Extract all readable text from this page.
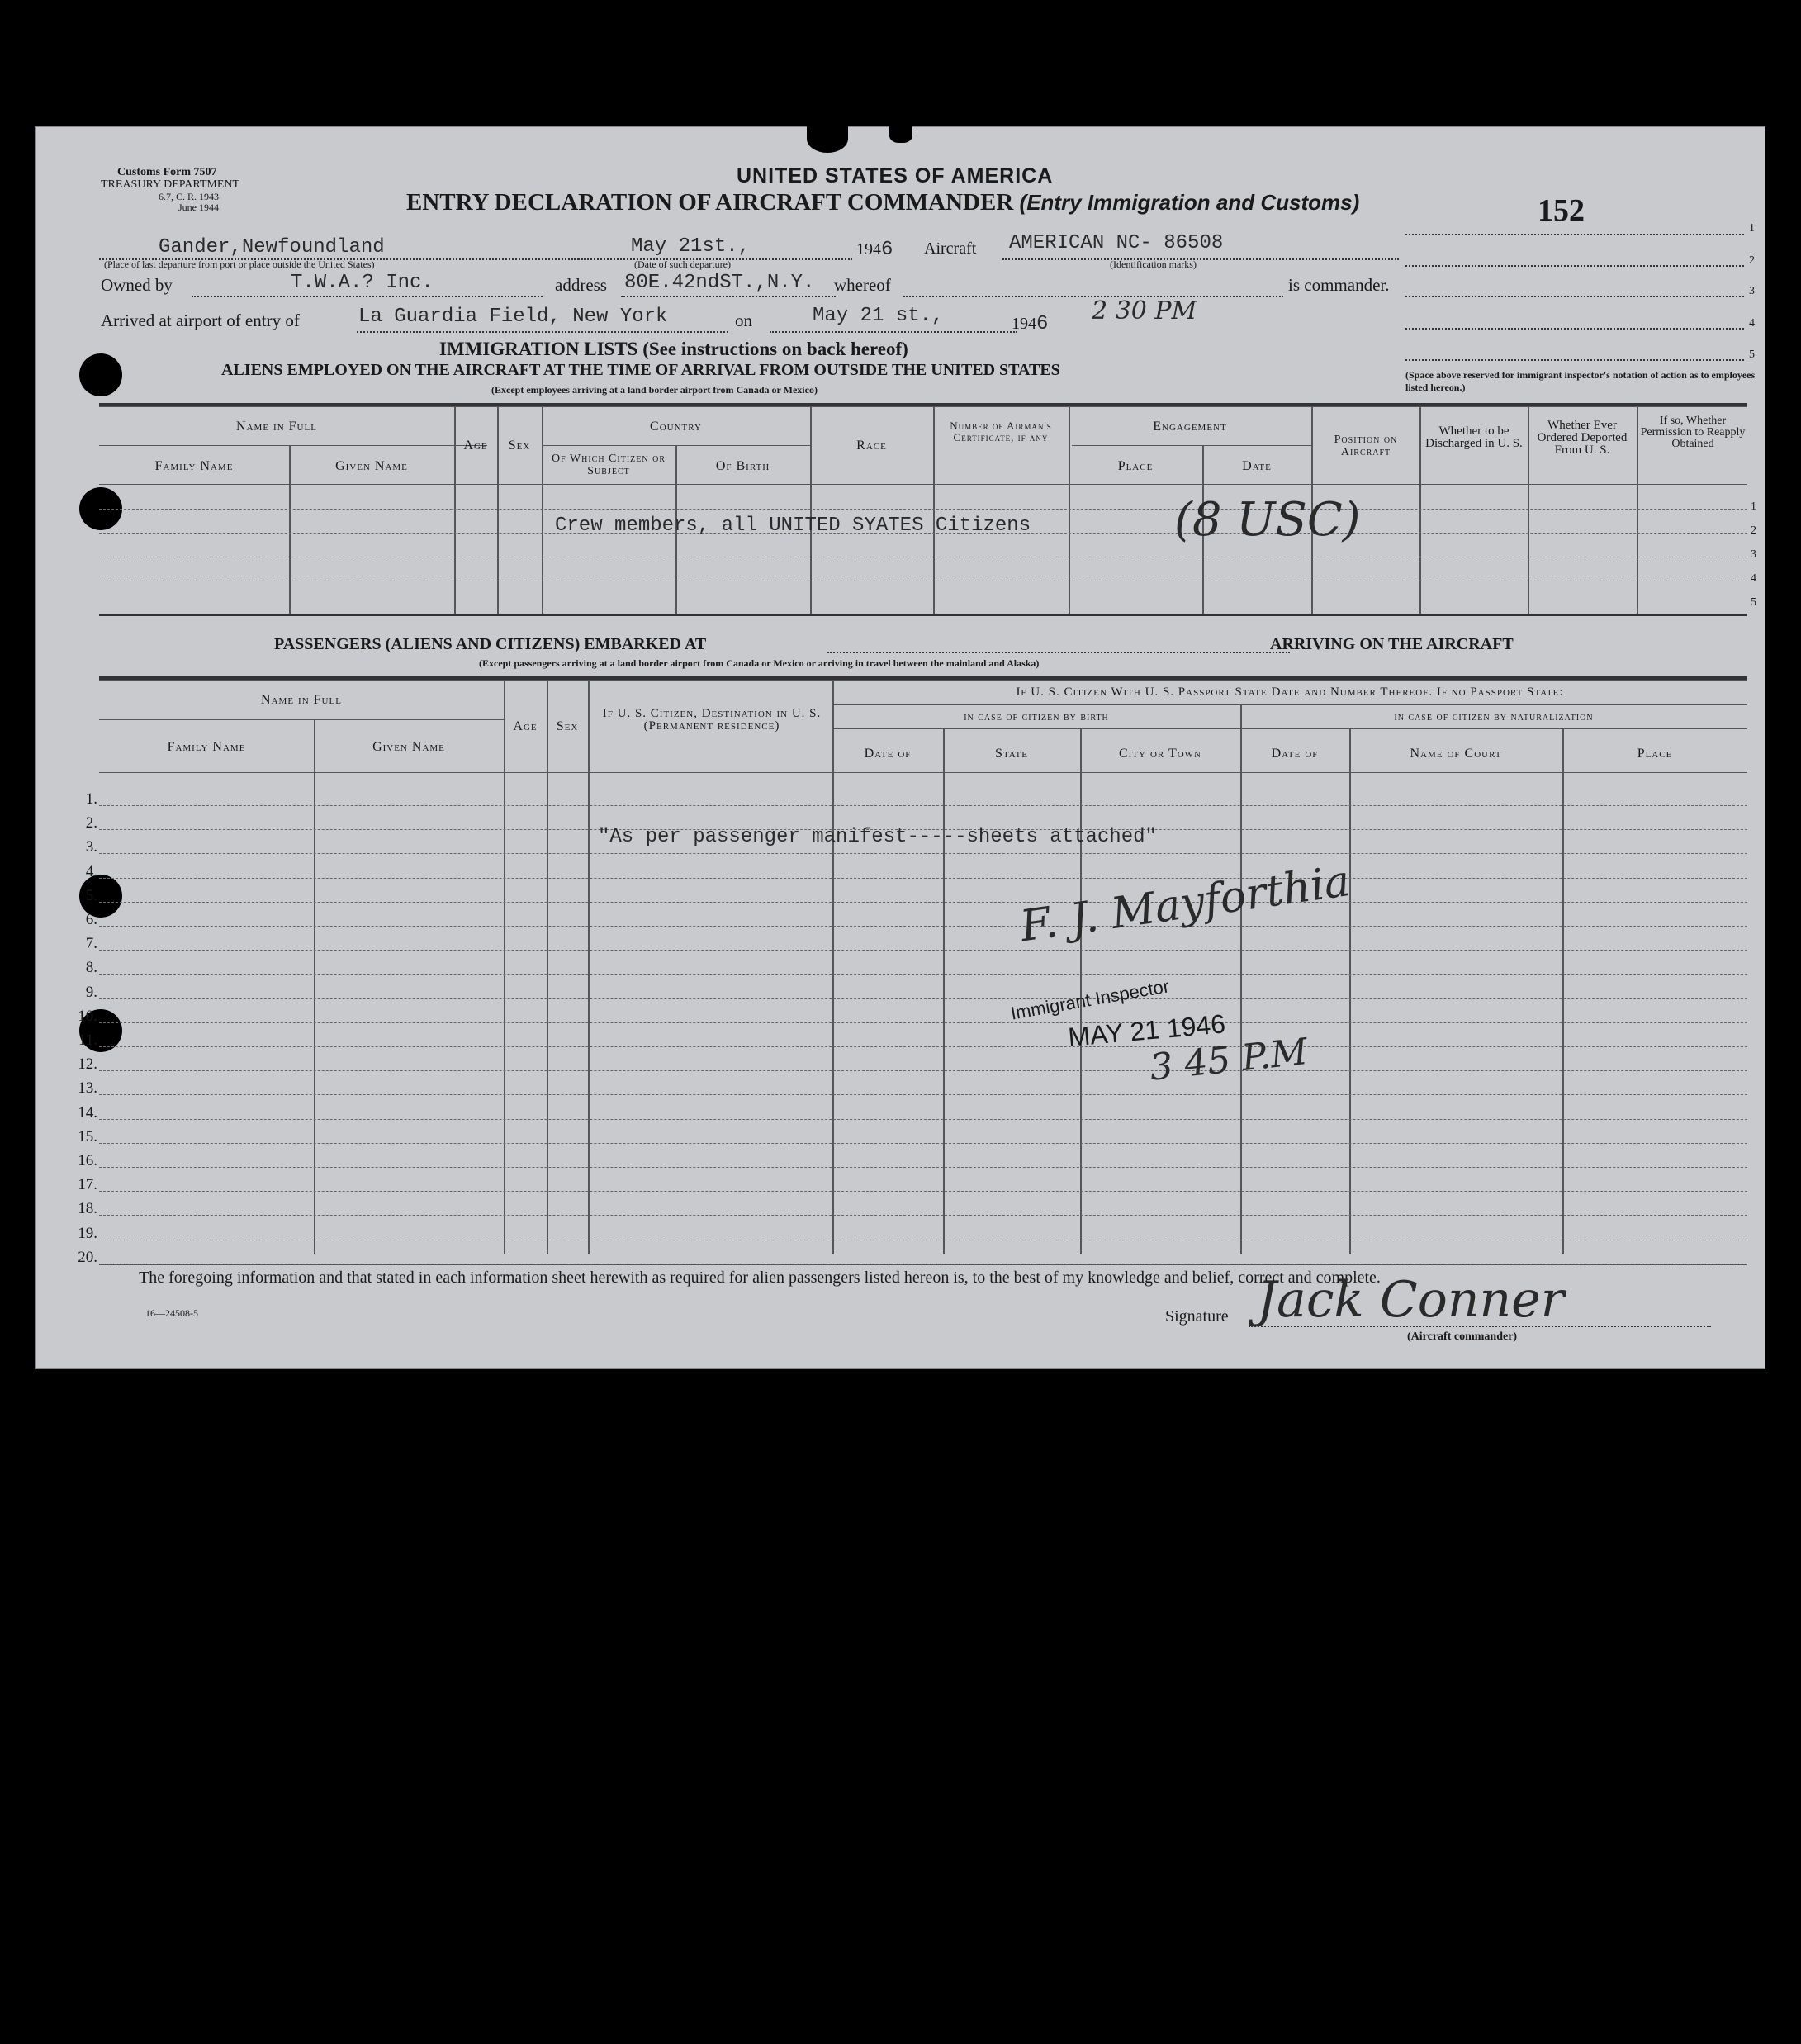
Customs Form 7507
TREASURY DEPARTMENT
6.7, C. R. 1943
June 1944
UNITED STATES OF AMERICA
ENTRY DECLARATION OF AIRCRAFT COMMANDER (Entry Immigration and Customs)	152
Gander,Newfoundland
(Place of last departure from port or place outside the United States)
May 21st.,
(Date of such departure)
1946 Aircraft AMERICAN NC- 86508
(Identification marks)
Owned by	T.W.A.? Inc.	address 80E.42ndST.,N.Y. whereof	is commander.
Arrived at airport of entry of	La Guardia Field, New York	on	May 21 st.,	1946 2 30 PM
1
2
3
4
5
(Space above reserved for immigrant inspector's notation of action as to employees listed hereon.)
IMMIGRATION LISTS (See instructions on back hereof)
ALIENS EMPLOYED ON THE AIRCRAFT AT THE TIME OF ARRIVAL FROM OUTSIDE THE UNITED STATES
(Except employees arriving at a land border airport from Canada or Mexico)
Name in Full
Family Name	Given Name
Age	Sex
Country
Of Which Citizen or Subject	Of Birth
Race
Number of Airman's Certificate, if any
Engagement
Place	Date
Position on Aircraft
Whether to be Discharged in U. S.
Whether Ever Ordered Deported From U. S.
If so, Whether Permission to Reapply Obtained
1
2
3
4
5
Crew members, all UNITED SYATES Citizens	(8 USC)
PASSENGERS (ALIENS AND CITIZENS) EMBARKED AT	ARRIVING ON THE AIRCRAFT
(Except passengers arriving at a land border airport from Canada or Mexico or arriving in travel between the mainland and Alaska)
Name in Full
Family Name	Given Name
Age	Sex
If U. S. Citizen, Destination in U. S. (Permanent residence)
If U. S. Citizen With U. S. Passport State Date and Number Thereof. If no Passport State:
in case of citizen by birth	in case of citizen by naturalization
Date of	State	City or Town	Date of	Name of Court	Place
1.
2.
3.
4.
5.
6.
7.
8.
9.
10.
11.
12.
13.
14.
15.
16.
17.
18.
19.
20.
"As per passenger manifest-----sheets attached"
F. J. Mayforthia
Immigrant Inspector
MAY 21 1946
3 45 P.M
The foregoing information and that stated in each information sheet herewith as required for alien passengers listed hereon is, to the best of my knowledge and belief, correct and complete.
16—24508-5	Signature Jack Conner
(Aircraft commander)
